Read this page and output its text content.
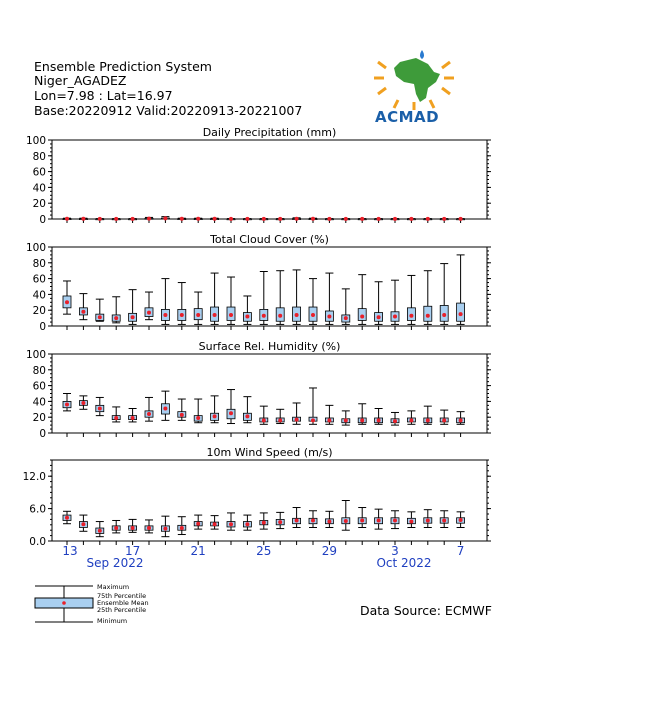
Ensemble Prediction System
Niger_AGADEZ
Lon=7.98 : Lat=16.97
Base:20220912 Valid:20220913-20221007	ACMAD
Daily Precipitation (mm)
0
20
40
60
80
100
Total Cloud Cover (%)
0
20
40
60
80
100
Surface Rel. Humidity (%)
0
20
40
60
80
100
10m Wind Speed (m/s)
0.0
6.0
12.0
13	17	21	25	29	3	7
Sep 2022	Oct 2022
Maximum
75th Percentile
Ensemble Mean
25th Percentile
Minimum
Data Source: ECMWF
